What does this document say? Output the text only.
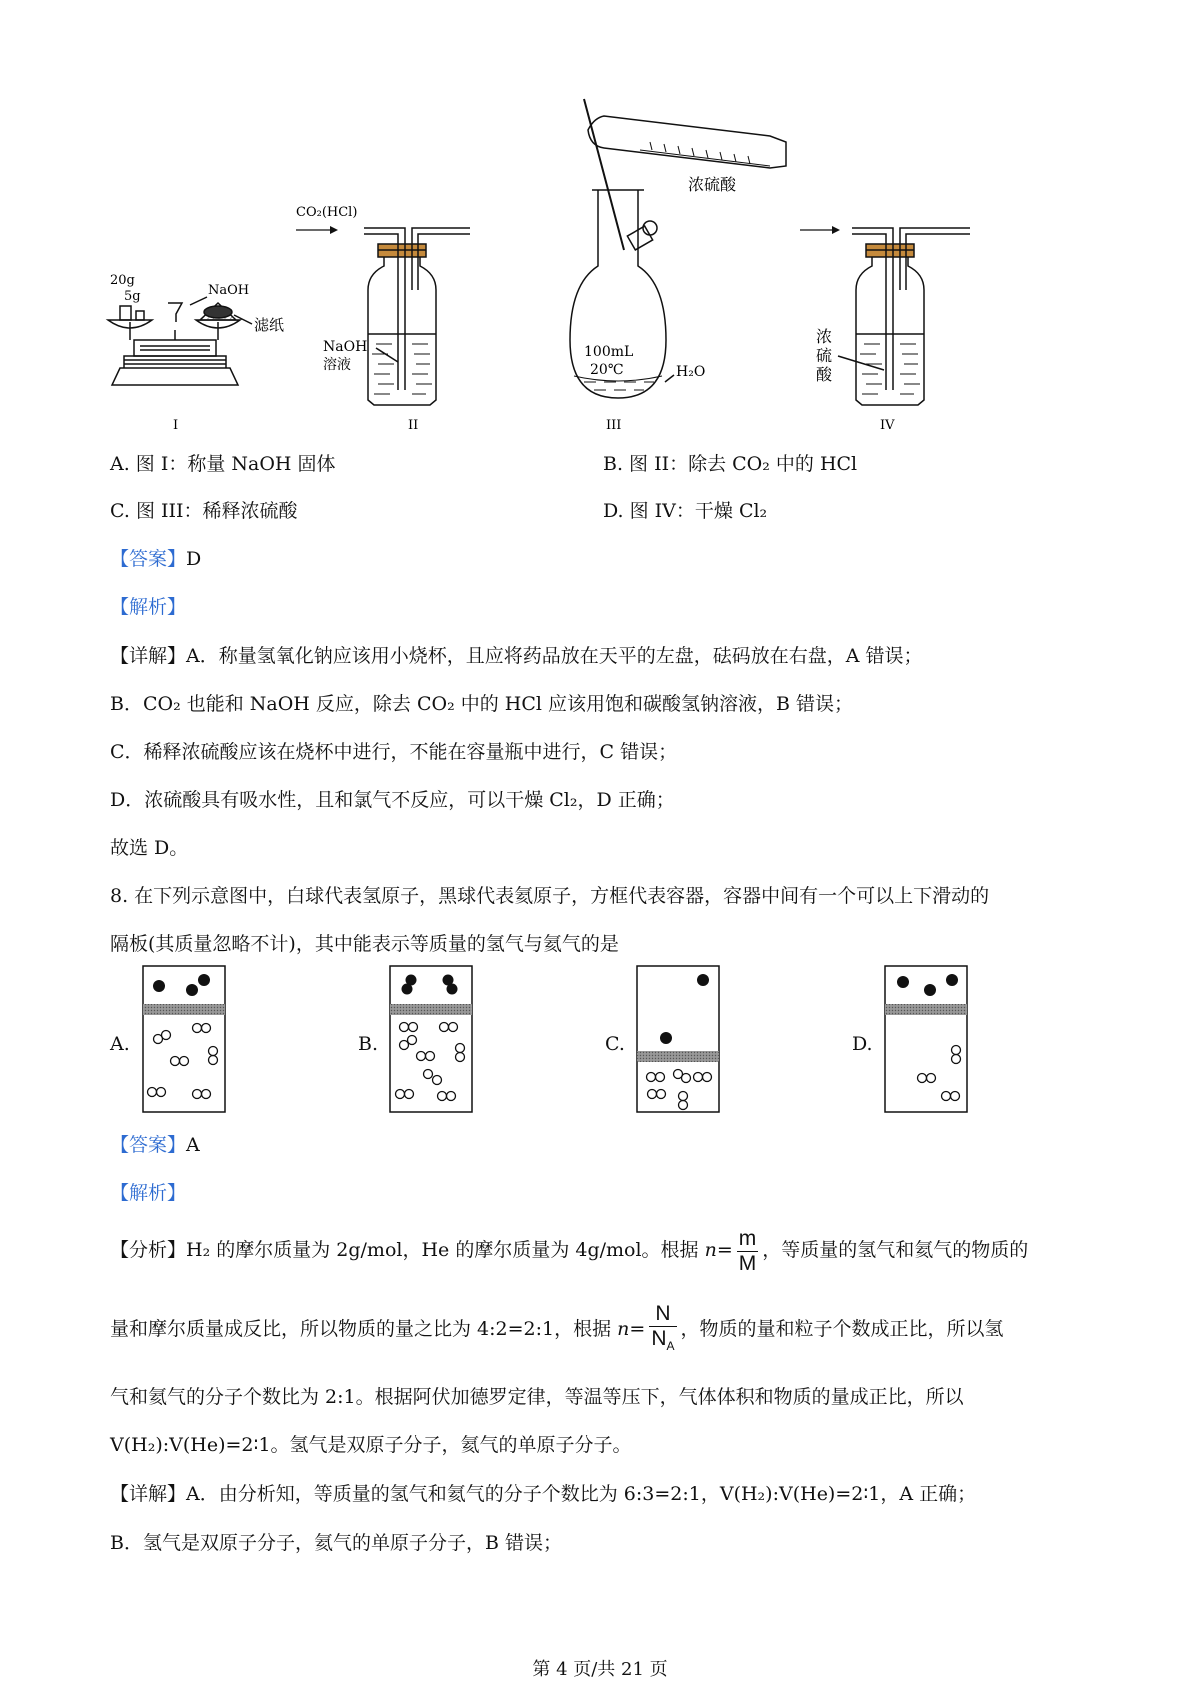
20g
5g	NaOH
滤纸
I
CO₂(HCl)
NaOH
溶液
II
浓硫酸
100mL
20℃	H₂O
III
浓
硫
酸
IV
A. 图 I：称量 NaOH 固体	B. 图 II：除去 CO₂ 中的 HCl
C. 图 III：稀释浓硫酸	D. 图 IV：干燥 Cl₂
【答案】D
【解析】
【详解】A．称量氢氧化钠应该用小烧杯，且应将药品放在天平的左盘，砝码放在右盘，A 错误；
B．CO₂ 也能和 NaOH 反应，除去 CO₂ 中的 HCl 应该用饱和碳酸氢钠溶液，B 错误；
C．稀释浓硫酸应该在烧杯中进行，不能在容量瓶中进行，C 错误；
D．浓硫酸具有吸水性，且和氯气不反应，可以干燥 Cl₂，D 正确；
故选 D。
8. 在下列示意图中，白球代表氢原子，黑球代表氦原子，方框代表容器，容器中间有一个可以上下滑动的
隔板(其质量忽略不计)，其中能表示等质量的氢气与氦气的是
A.	B.	C.	D.
【答案】A
【解析】
【分析】H₂ 的摩尔质量为 2g/mol，He 的摩尔质量为 4g/mol。根据 $n= \frac{m}{M}$ ，等质量的氢气和氦气的物质的
量和摩尔质量成反比，所以物质的量之比为 4:2=2:1，根据 $n= \frac{N}{N_A}$ ，物质的量和粒子个数成正比，所以氢
气和氦气的分子个数比为 2:1。根据阿伏加德罗定律，等温等压下，气体体积和物质的量成正比，所以
V(H₂):V(He)=2∶1。氢气是双原子分子，氦气的单原子分子。
【详解】A．由分析知，等质量的氢气和氦气的分子个数比为 6:3=2:1，V(H₂):V(He)=2∶1，A 正确；
B．氢气是双原子分子，氦气的单原子分子，B 错误；
第 4 页/共 21 页
